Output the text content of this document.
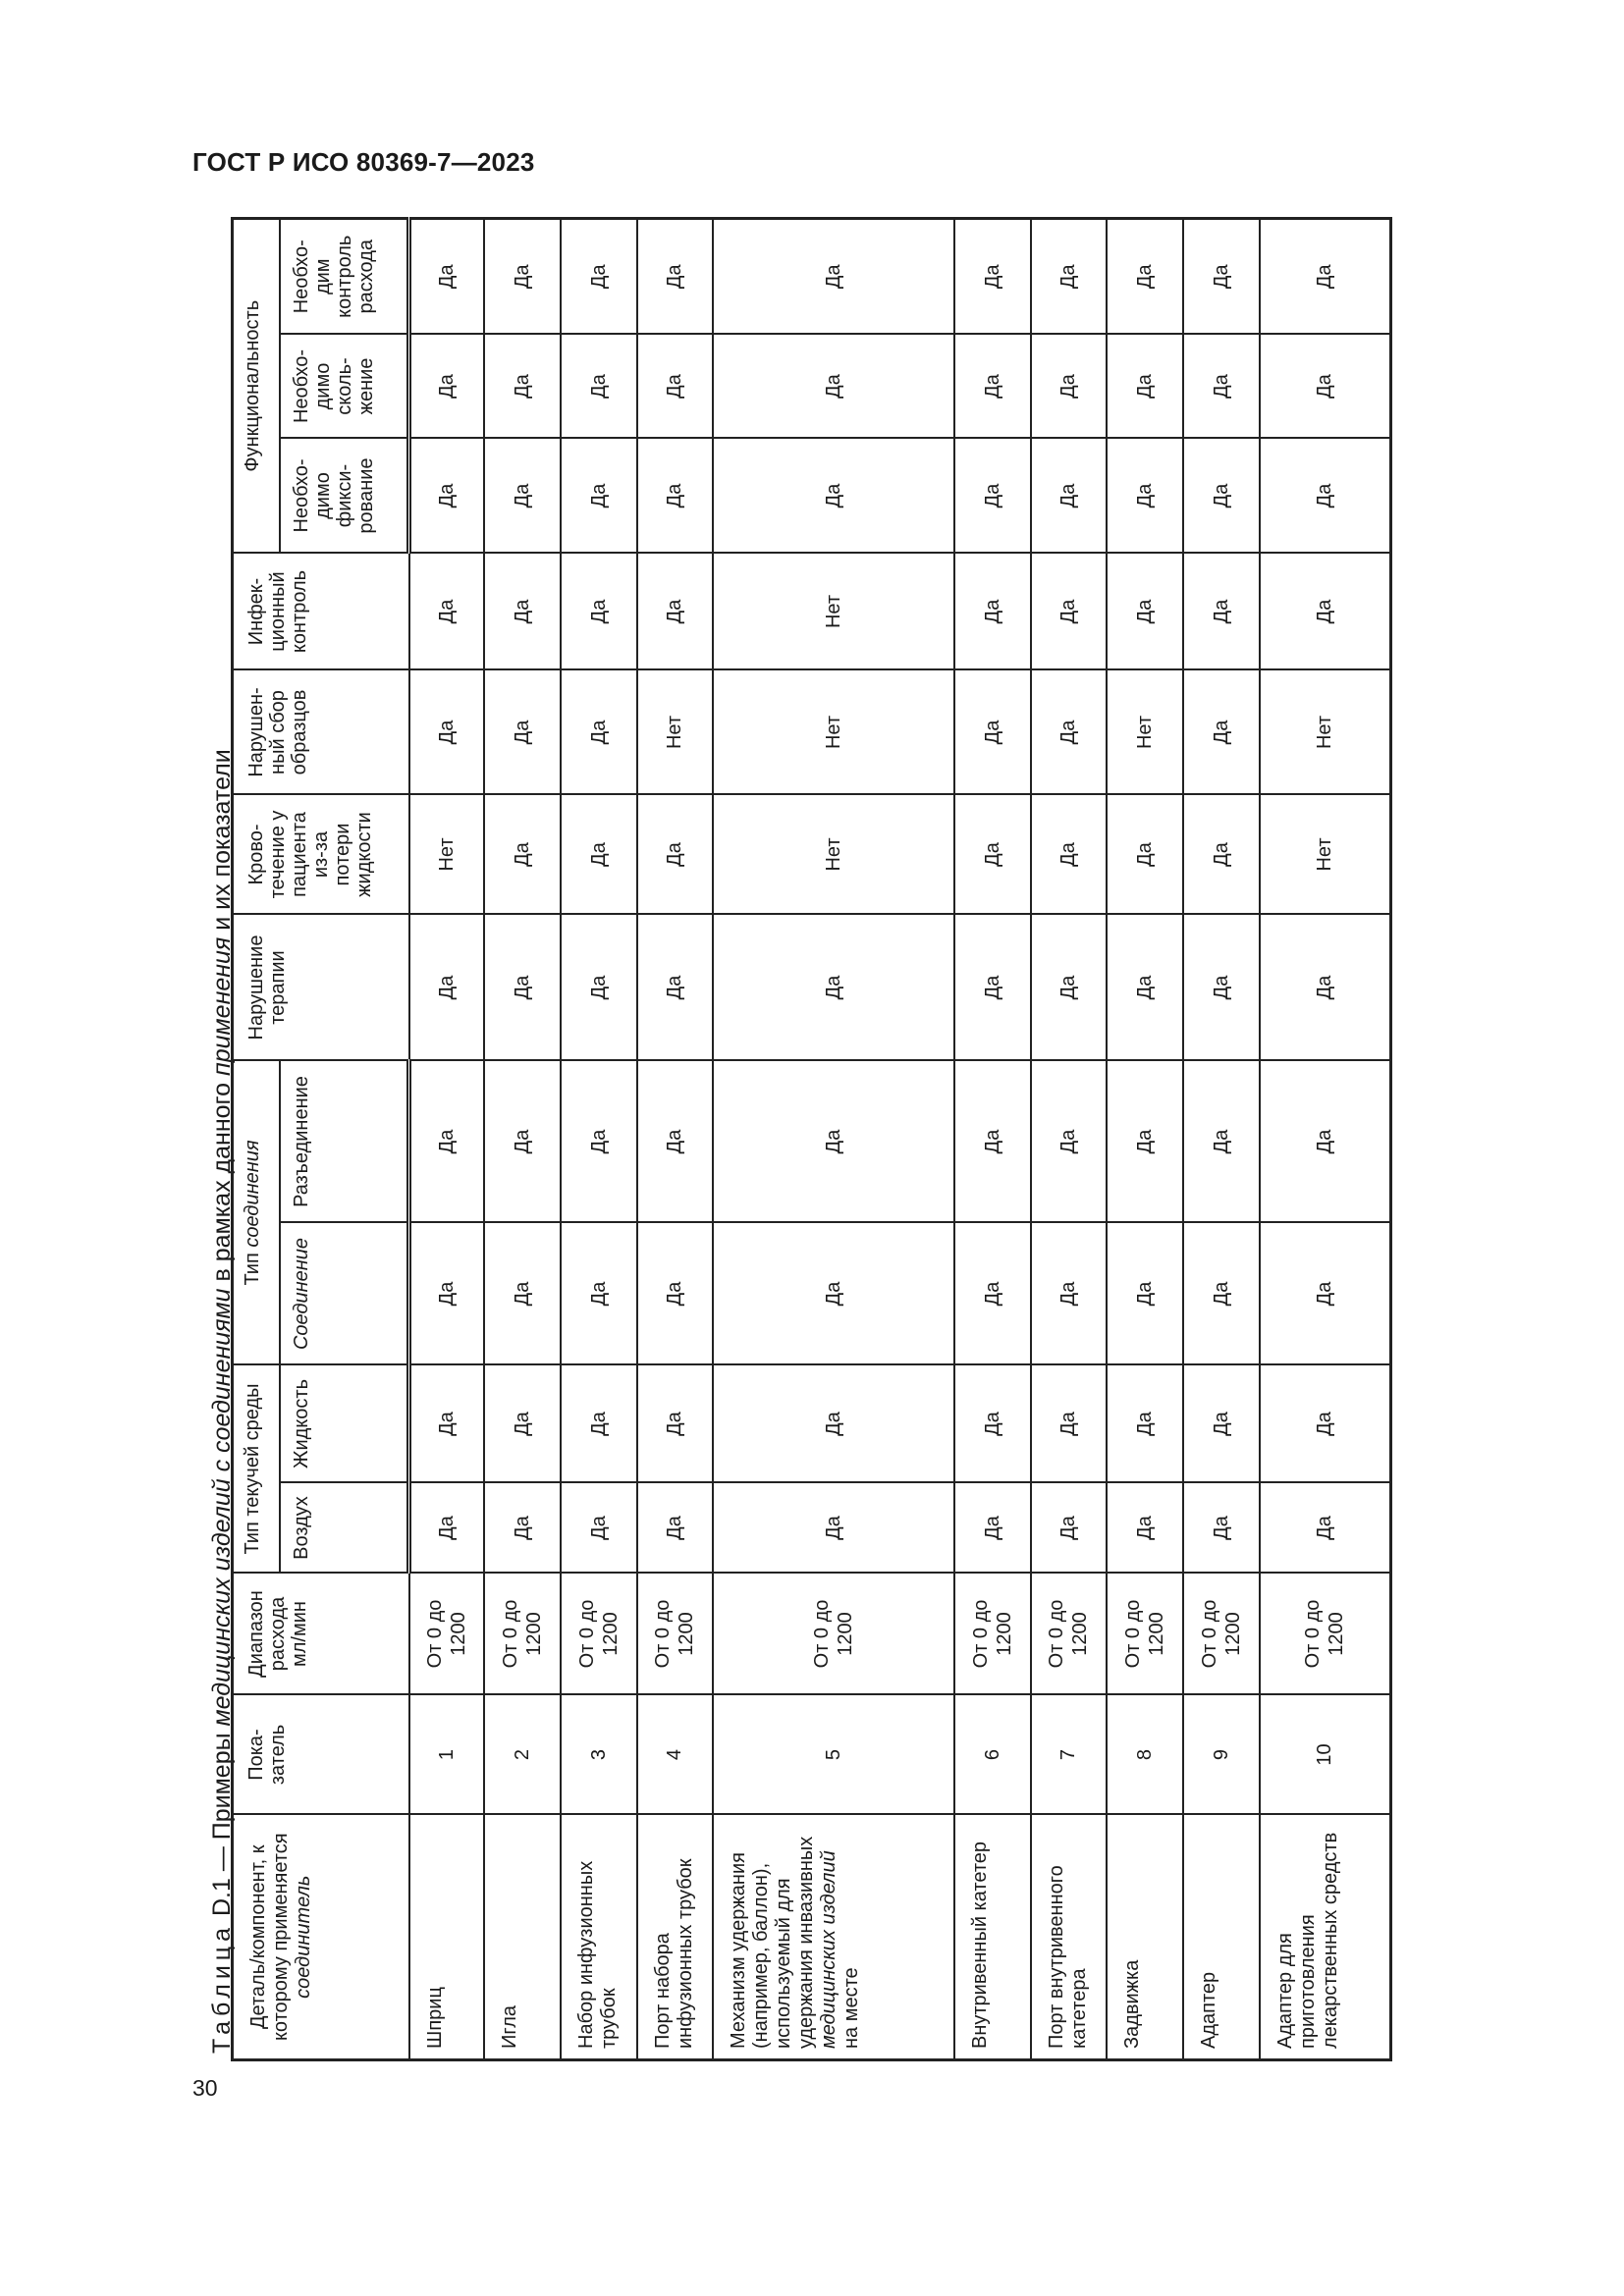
ГОСТ Р ИСО 80369-7—2023
30
Таблица D.1 — Примеры медицинских изделий с соединениями в рамках данного применения и их показатели
Деталь/компонент, к которому применяется соединитель	Пока-затель	Диапазон расхода мл/мин	Тип текучей среды		Тип соединения		Нарушение терапии	Крово-течение у пациента из-за потери жидкости	Нарушен-ный сбор образцов	Инфек-ционный контроль	Функциональность		
			Воздух	Жидкость	Соединение	Разъединение					Необхо-димо фикси-рование	Необхо-димо сколь-жение	Необхо-дим контроль расхода
Шприц	1	От 0 до 1200	Да	Да	Да	Да	Да	Нет	Да	Да	Да	Да	Да
Игла	2	От 0 до 1200	Да	Да	Да	Да	Да	Да	Да	Да	Да	Да	Да
Набор инфузионных трубок	3	От 0 до 1200	Да	Да	Да	Да	Да	Да	Да	Да	Да	Да	Да
Порт набора инфузионных трубок	4	От 0 до 1200	Да	Да	Да	Да	Да	Да	Нет	Да	Да	Да	Да
Механизм удержания (например, баллон), используемый для удержания инвазивных медицинских изделий на месте	5	От 0 до 1200	Да	Да	Да	Да	Да	Нет	Нет	Нет	Да	Да	Да
Внутривенный катетер	6	От 0 до 1200	Да	Да	Да	Да	Да	Да	Да	Да	Да	Да	Да
Порт внутривенного катетера	7	От 0 до 1200	Да	Да	Да	Да	Да	Да	Да	Да	Да	Да	Да
Задвижка	8	От 0 до 1200	Да	Да	Да	Да	Да	Да	Нет	Да	Да	Да	Да
Адаптер	9	От 0 до 1200	Да	Да	Да	Да	Да	Да	Да	Да	Да	Да	Да
Адаптер для приготовления лекарственных средств	10	От 0 до 1200	Да	Да	Да	Да	Да	Нет	Нет	Да	Да	Да	Да
